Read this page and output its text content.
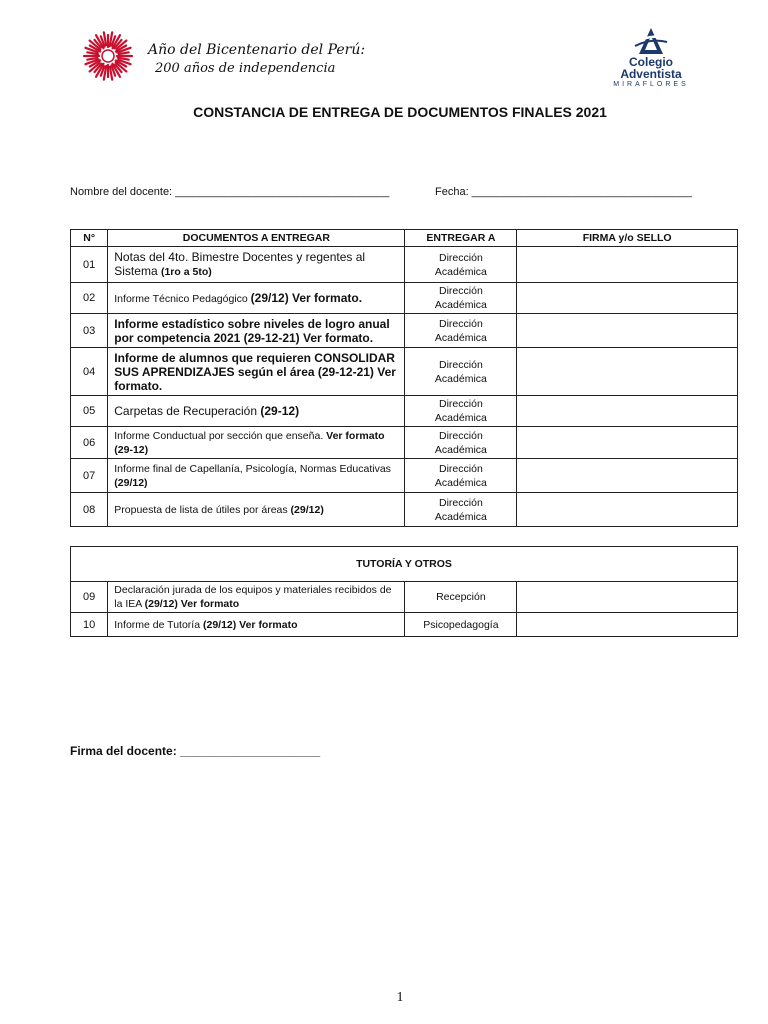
Año del Bicentenario del Perú:
200 años de independencia	Colegio
Adventista
MIRAFLORES
CONSTANCIA DE ENTREGA DE DOCUMENTOS FINALES 2021
Nombre del docente: ___________________________________	Fecha: ____________________________________
N°	DOCUMENTOS A ENTREGAR	ENTREGAR A	FIRMA y/o SELLO
01	Notas del 4to. Bimestre Docentes y regentes al Sistema (1ro a 5to)	Dirección
Académica	

02	Informe Técnico Pedagógico (29/12) Ver formato.	Dirección
Académica	

03	Informe estadístico sobre niveles de logro anual por competencia 2021 (29-12-21) Ver formato.	Dirección
Académica	

04	Informe de alumnos que requieren CONSOLIDAR SUS APRENDIZAJES según el área (29-12-21) Ver formato.	Dirección
Académica	

05	Carpetas de Recuperación (29-12)	Dirección
Académica	

06	Informe Conductual por sección que enseña. Ver formato (29-12)	Dirección
Académica	

07	Informe final de Capellanía, Psicología, Normas Educativas (29/12)	Dirección
Académica	

08	Propuesta de lista de útiles por áreas (29/12)	Dirección
Académica	

TUTORÍA Y OTROS			
09	Declaración jurada de los equipos y materiales recibidos de la IEA (29/12) Ver formato	Recepción	
10	Informe de Tutoría (29/12) Ver formato	Psicopedagogía	
Firma del docente: _____________________
1
